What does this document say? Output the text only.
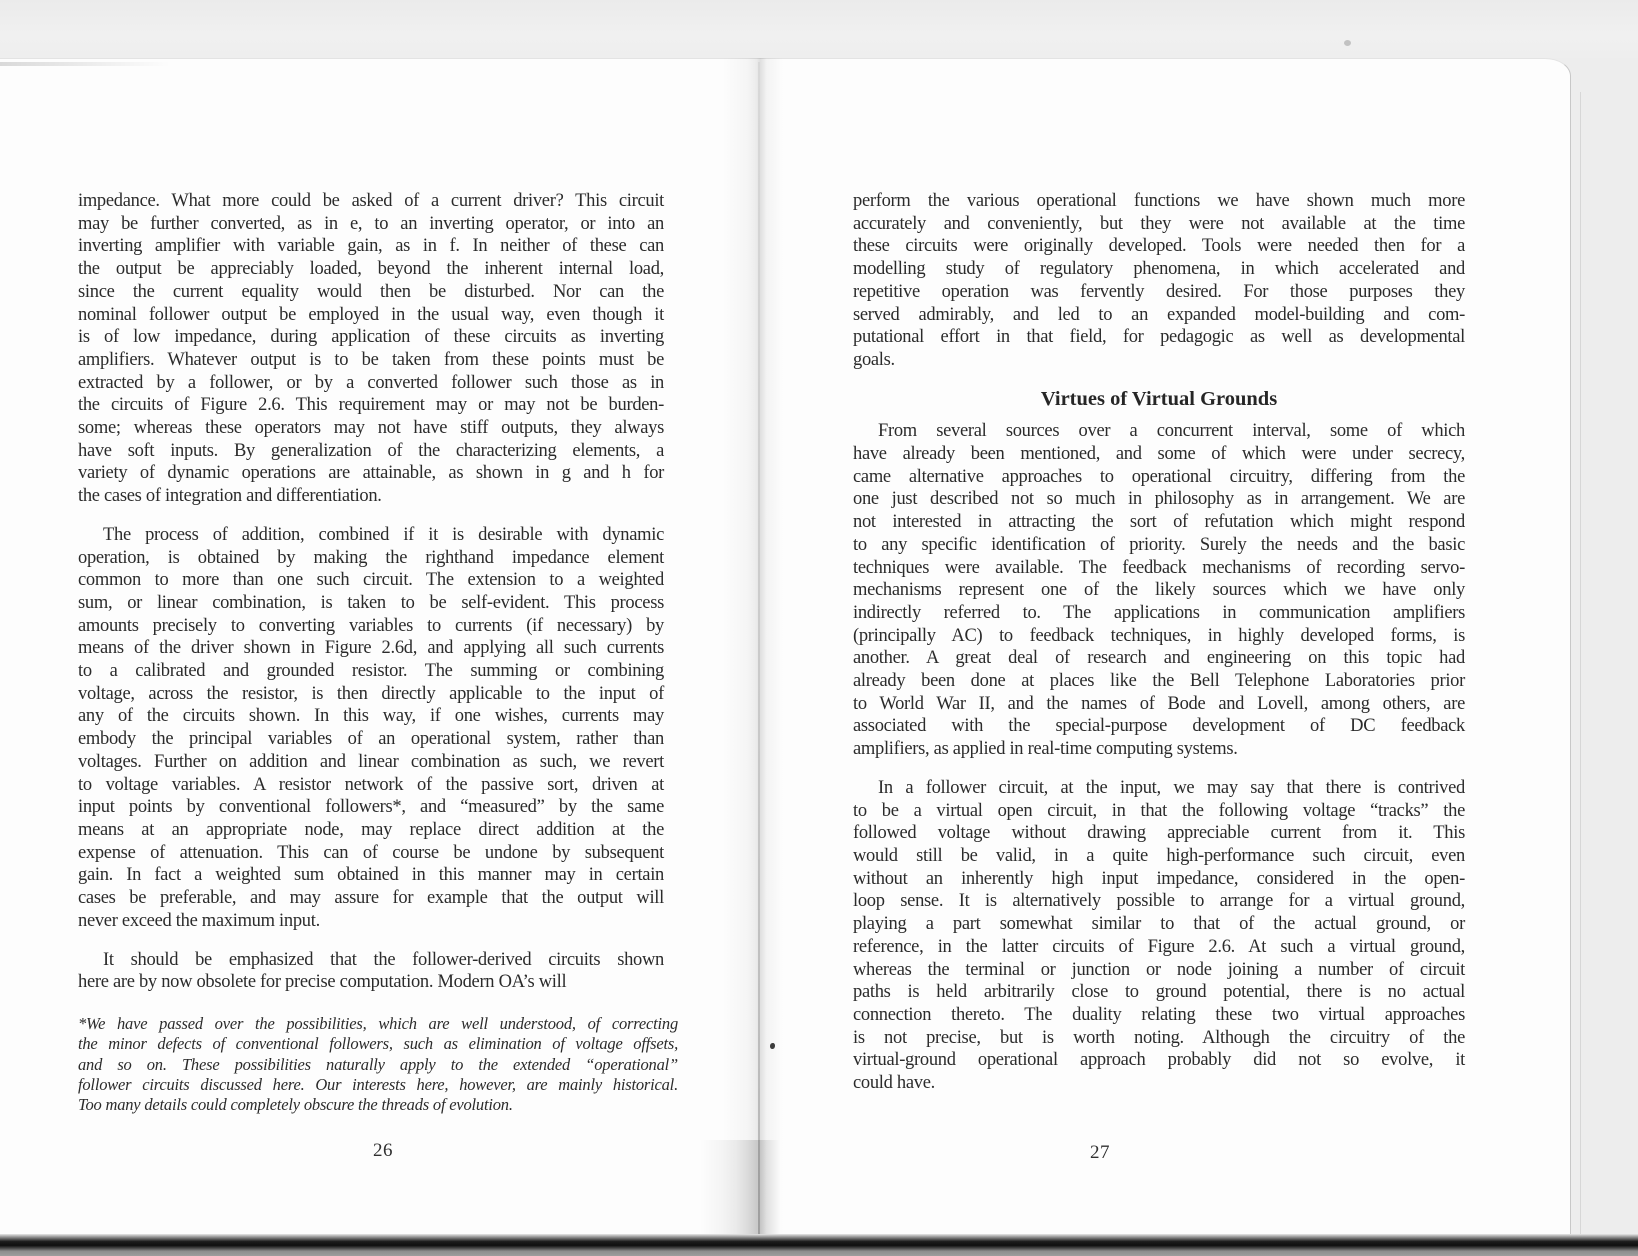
impedance. What more could be asked of a current driver? This circuit
may be further converted, as in e, to an inverting operator, or into an
inverting amplifier with variable gain, as in f. In neither of these can
the output be appreciably loaded, beyond the inherent internal load,
since the current equality would then be disturbed. Nor can the
nominal follower output be employed in the usual way, even though it
is of low impedance, during application of these circuits as inverting
amplifiers. Whatever output is to be taken from these points must be
extracted by a follower, or by a converted follower such those as in
the circuits of Figure 2.6. This requirement may or may not be burden-
some; whereas these operators may not have stiff outputs, they always
have soft inputs. By generalization of the characterizing elements, a
variety of dynamic operations are attainable, as shown in g and h for
the cases of integration and differentiation.
The process of addition, combined if it is desirable with dynamic
operation, is obtained by making the righthand impedance element
common to more than one such circuit. The extension to a weighted
sum, or linear combination, is taken to be self-evident. This process
amounts precisely to converting variables to currents (if necessary) by
means of the driver shown in Figure 2.6d, and applying all such currents
to a calibrated and grounded resistor. The summing or combining
voltage, across the resistor, is then directly applicable to the input of
any of the circuits shown. In this way, if one wishes, currents may
embody the principal variables of an operational system, rather than
voltages. Further on addition and linear combination as such, we revert
to voltage variables. A resistor network of the passive sort, driven at
input points by conventional followers*, and “measured” by the same
means at an appropriate node, may replace direct addition at the
expense of attenuation. This can of course be undone by subsequent
gain. In fact a weighted sum obtained in this manner may in certain
cases be preferable, and may assure for example that the output will
never exceed the maximum input.
It should be emphasized that the follower-derived circuits shown
here are by now obsolete for precise computation. Modern OA’s will
*We have passed over the possibilities, which are well understood, of correcting
the minor defects of conventional followers, such as elimination of voltage offsets,
and so on. These possibilities naturally apply to the extended “operational”
follower circuits discussed here. Our interests here, however, are mainly historical.
Too many details could completely obscure the threads of evolution.
26
perform the various operational functions we have shown much more
accurately and conveniently, but they were not available at the time
these circuits were originally developed. Tools were needed then for a
modelling study of regulatory phenomena, in which accelerated and
repetitive operation was fervently desired. For those purposes they
served admirably, and led to an expanded model-building and com-
putational effort in that field, for pedagogic as well as developmental
goals.
Virtues of Virtual Grounds
From several sources over a concurrent interval, some of which
have already been mentioned, and some of which were under secrecy,
came alternative approaches to operational circuitry, differing from the
one just described not so much in philosophy as in arrangement. We are
not interested in attracting the sort of refutation which might respond
to any specific identification of priority. Surely the needs and the basic
techniques were available. The feedback mechanisms of recording servo-
mechanisms represent one of the likely sources which we have only
indirectly referred to. The applications in communication amplifiers
(principally AC) to feedback techniques, in highly developed forms, is
another. A great deal of research and engineering on this topic had
already been done at places like the Bell Telephone Laboratories prior
to World War II, and the names of Bode and Lovell, among others, are
associated with the special-purpose development of DC feedback
amplifiers, as applied in real-time computing systems.
In a follower circuit, at the input, we may say that there is contrived
to be a virtual open circuit, in that the following voltage “tracks” the
followed voltage without drawing appreciable current from it. This
would still be valid, in a quite high-performance such circuit, even
without an inherently high input impedance, considered in the open-
loop sense. It is alternatively possible to arrange for a virtual ground,
playing a part somewhat similar to that of the actual ground, or
reference, in the latter circuits of Figure 2.6. At such a virtual ground,
whereas the terminal or junction or node joining a number of circuit
paths is held arbitrarily close to ground potential, there is no actual
connection thereto. The duality relating these two virtual approaches
is not precise, but is worth noting. Although the circuitry of the
virtual-ground operational approach probably did not so evolve, it
could have.
27
